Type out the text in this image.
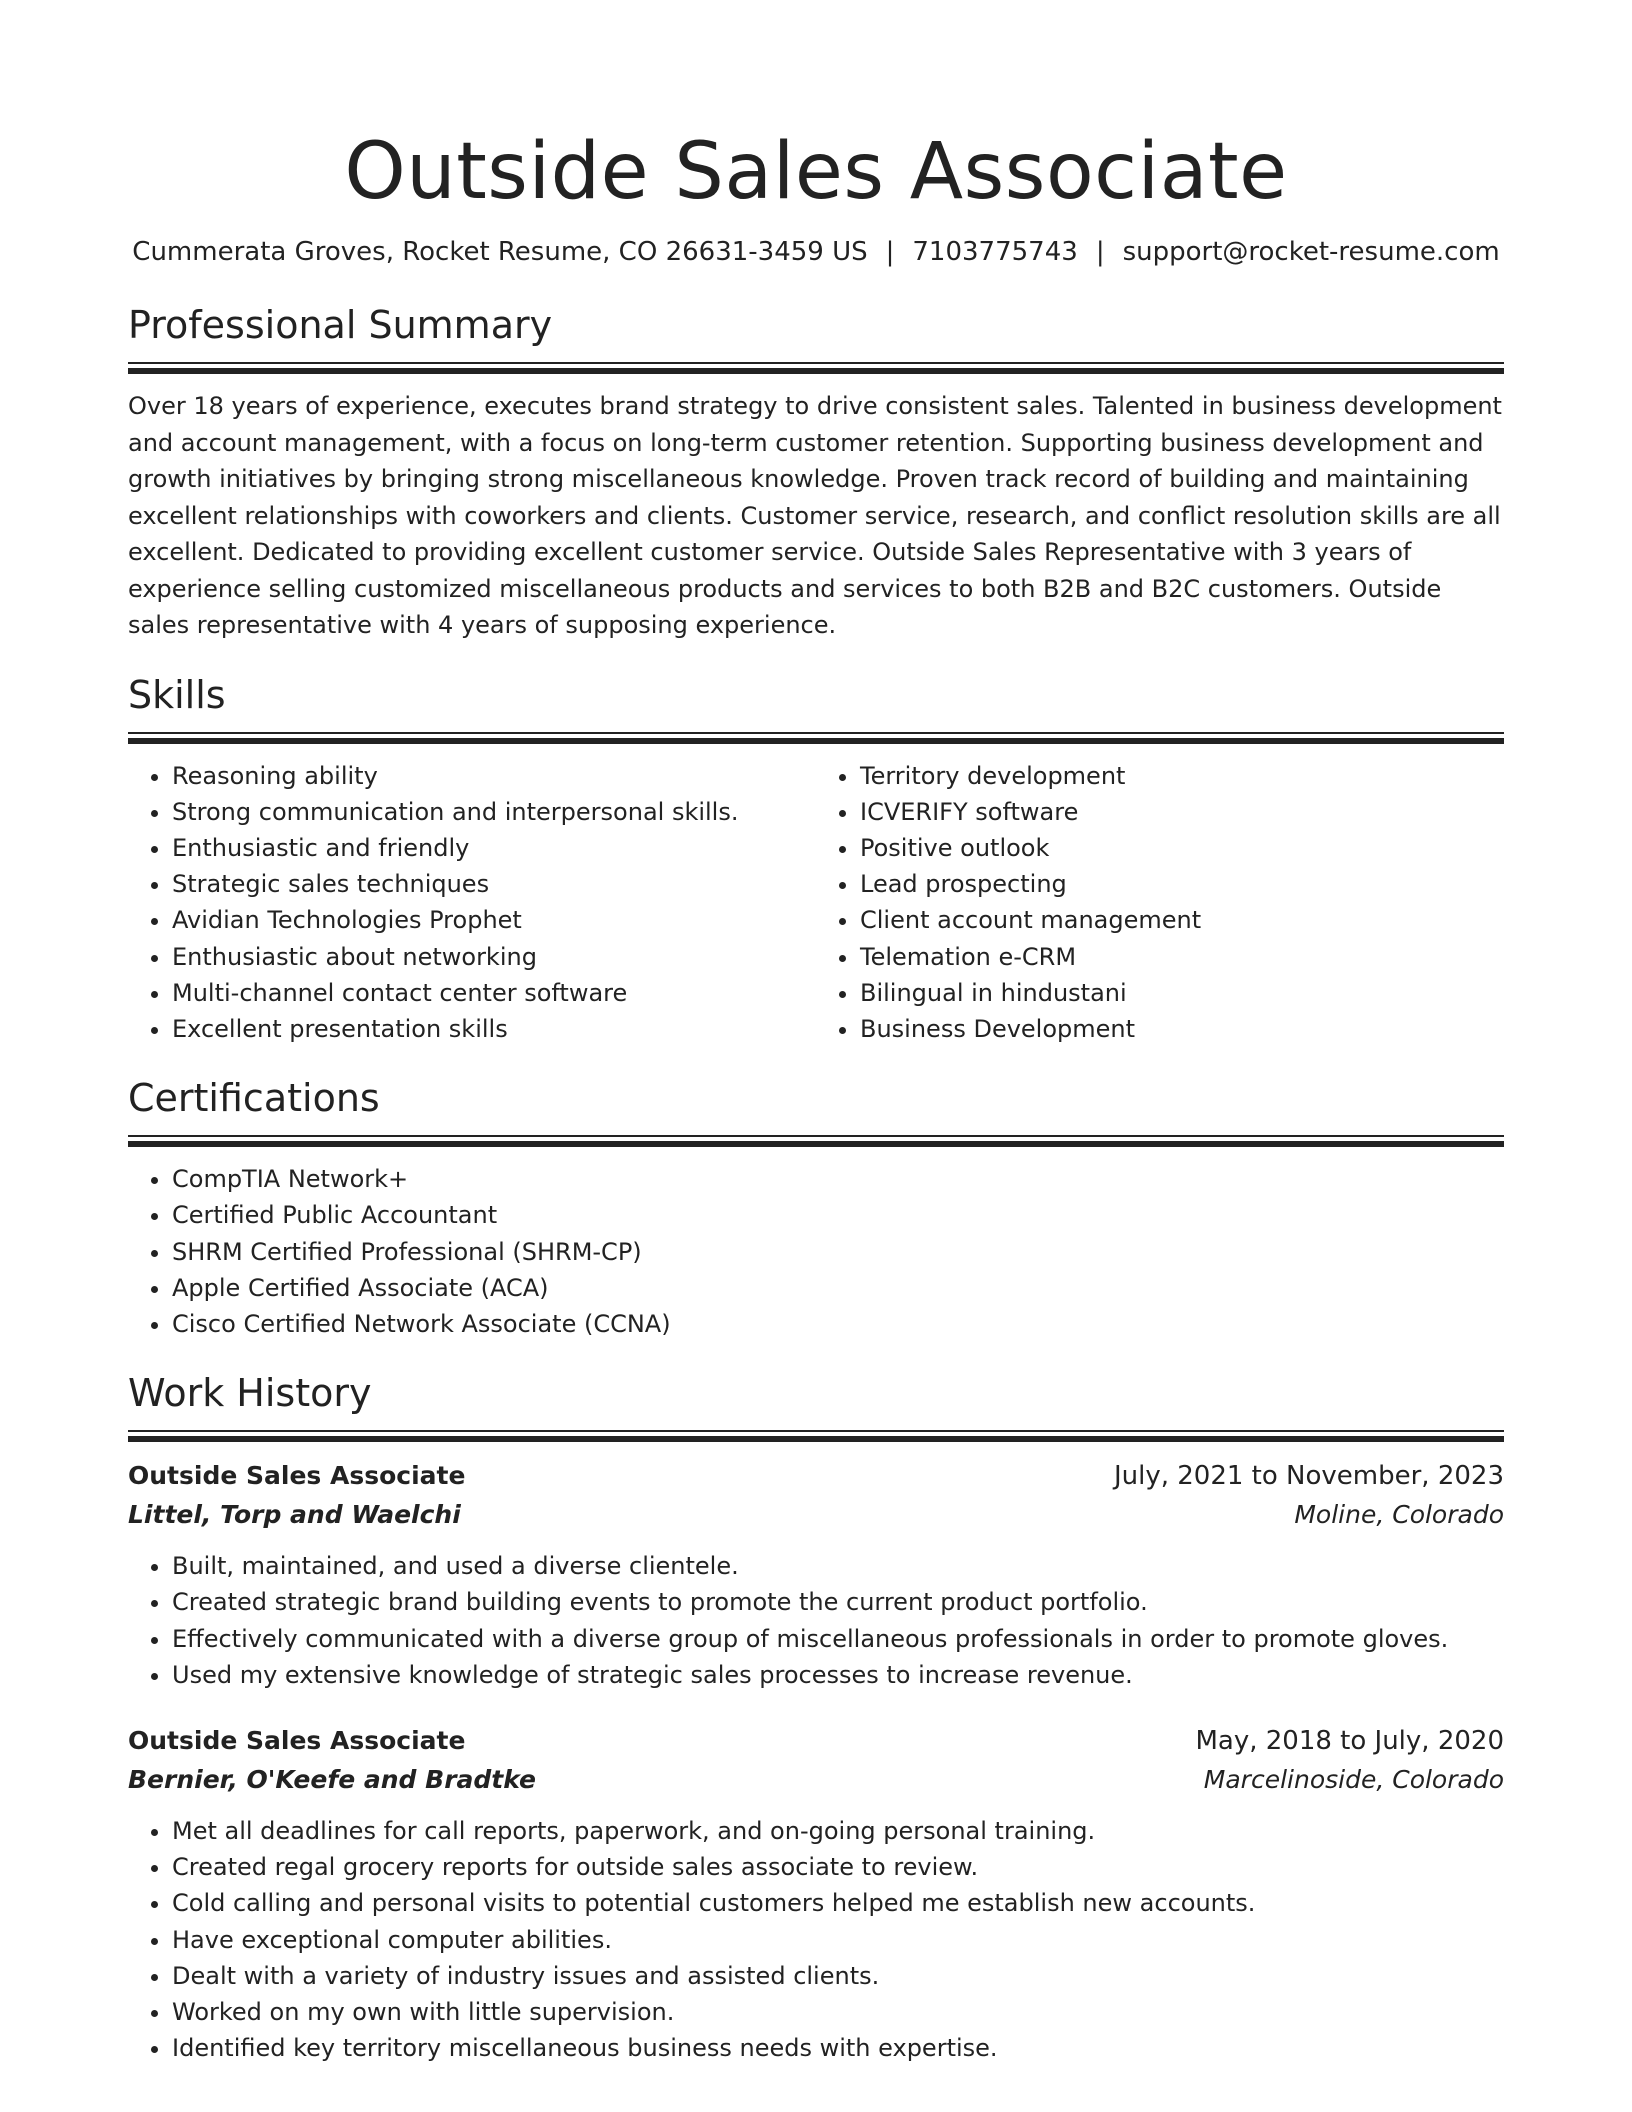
Outside Sales Associate
Cummerata Groves, Rocket Resume, CO 26631-3459 US | 7103775743 | support@rocket-resume.com
Professional Summary

Over 18 years of experience, executes brand strategy to drive consistent sales. Talented in business development and account management, with a focus on long-term customer retention. Supporting business development and growth initiatives by bringing strong miscellaneous knowledge. Proven track record of building and maintaining excellent relationships with coworkers and clients. Customer service, research, and conflict resolution skills are all excellent. Dedicated to providing excellent customer service. Outside Sales Representative with 3 years of experience selling customized miscellaneous products and services to both B2B and B2C customers. Outside sales representative with 4 years of supposing experience.

Skills
• Reasoning ability
• Strong communication and interpersonal skills.
• Enthusiastic and friendly
• Strategic sales techniques
• Avidian Technologies Prophet
• Enthusiastic about networking
• Multi-channel contact center software
• Excellent presentation skills
• Territory development
• ICVERIFY software
• Positive outlook
• Lead prospecting
• Client account management
• Telemation e-CRM
• Bilingual in hindustani
• Business Development
Certifications
• CompTIA Network+
• Certified Public Accountant
• SHRM Certified Professional (SHRM-CP)
• Apple Certified Associate (ACA)
• Cisco Certified Network Associate (CCNA)
Work History
Outside Sales Associate	July, 2021 to November, 2023
Littel, Torp and Waelchi	Moline, Colorado
• Built, maintained, and used a diverse clientele.
• Created strategic brand building events to promote the current product portfolio.
• Effectively communicated with a diverse group of miscellaneous professionals in order to promote gloves.
• Used my extensive knowledge of strategic sales processes to increase revenue.
Outside Sales Associate	May, 2018 to July, 2020
Bernier, O'Keefe and Bradtke	Marcelinoside, Colorado
• Met all deadlines for call reports, paperwork, and on-going personal training.
• Created regal grocery reports for outside sales associate to review.
• Cold calling and personal visits to potential customers helped me establish new accounts.
• Have exceptional computer abilities.
• Dealt with a variety of industry issues and assisted clients.
• Worked on my own with little supervision.
• Identified key territory miscellaneous business needs with expertise.
